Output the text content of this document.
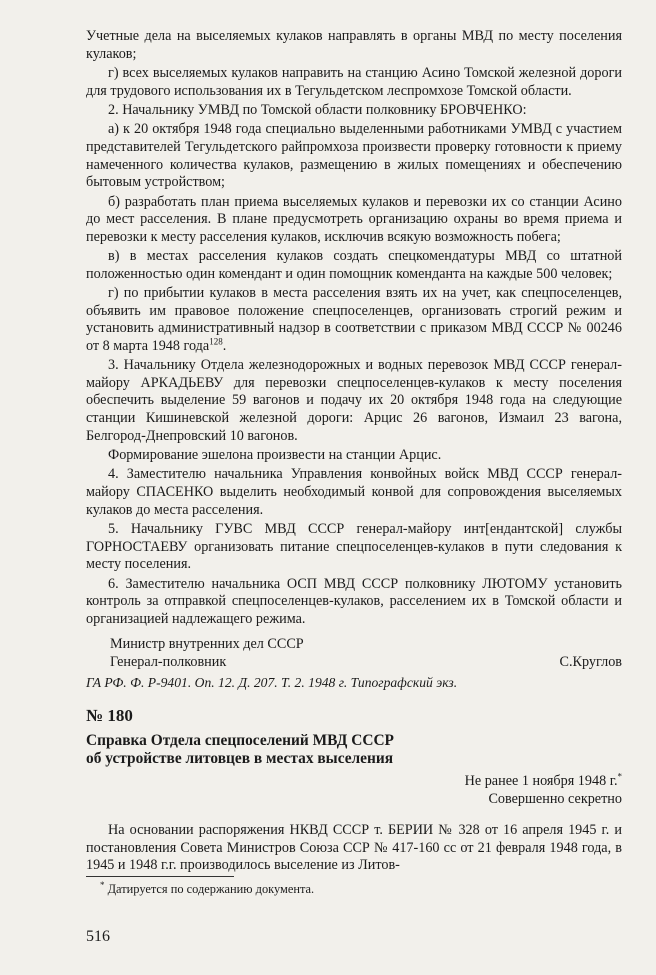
Учетные дела на выселяемых кулаков направлять в органы МВД по месту поселения кулаков;

г) всех выселяемых кулаков направить на станцию Асино Томской железной дороги для трудового использования их в Тегульдетском леспромхозе Томской области.

2. Начальнику УМВД по Томской области полковнику БРОВЧЕНКО:

а) к 20 октября 1948 года специально выделенными работниками УМВД с участием представителей Тегульдетского райпромхоза произвести проверку готовности к приему намеченного количества кулаков, размещению в жилых помещениях и обеспечению бытовым устройством;

б) разработать план приема выселяемых кулаков и перевозки их со станции Асино до мест расселения. В плане предусмотреть организацию охраны во время приема и перевозки к месту расселения кулаков, исключив всякую возможность побега;

в) в местах расселения кулаков создать спецкомендатуры МВД со штатной положенностью один комендант и один помощник коменданта на каждые 500 человек;

г) по прибытии кулаков в места расселения взять их на учет, как спецпоселенцев, объявить им правовое положение спецпоселенцев, организовать строгий режим и установить административный надзор в соответствии с приказом МВД СССР № 00246 от 8 марта 1948 года$^{128}$.

3. Начальнику Отдела железнодорожных и водных перевозок МВД СССР генерал-майору АРКАДЬЕВУ для перевозки спецпоселенцев-кулаков к месту поселения обеспечить выделение 59 вагонов и подачу их 20 октября 1948 года на следующие станции Кишиневской железной дороги: Арцис 26 вагонов, Измаил 23 вагона, Белгород-Днепровский 10 вагонов.

Формирование эшелона произвести на станции Арцис.

4. Заместителю начальника Управления конвойных войск МВД СССР генерал-майору СПАСЕНКО выделить необходимый конвой для сопровождения выселяемых кулаков до места расселения.

5. Начальнику ГУВС МВД СССР генерал-майору инт[ендантской] службы ГОРНОСТАЕВУ организовать питание спецпоселенцев-кулаков в пути следования к месту поселения.

6. Заместителю начальника ОСП МВД СССР полковнику ЛЮТОМУ установить контроль за отправкой спецпоселенцев-кулаков, расселением их в Томской области и организацией надлежащего режима.

Министр внутренних дел СССР
Генерал-полковник	С.Круглов
ГА РФ. Ф. Р-9401. Оп. 12. Д. 207. Т. 2. 1948 г. Типографский экз.
№ 180
Справка Отдела спецпоселений МВД СССР
об устройстве литовцев в местах выселения
Не ранее 1 ноября 1948 г.*
Совершенно секретно

На основании распоряжения НКВД СССР т. БЕРИИ № 328 от 16 апреля 1945 г. и постановления Совета Министров Союза ССР № 417-160 сс от 21 февраля 1948 года, в 1945 и 1948 г.г. производилось выселение из Литов-

* Датируется по содержанию документа.
516
